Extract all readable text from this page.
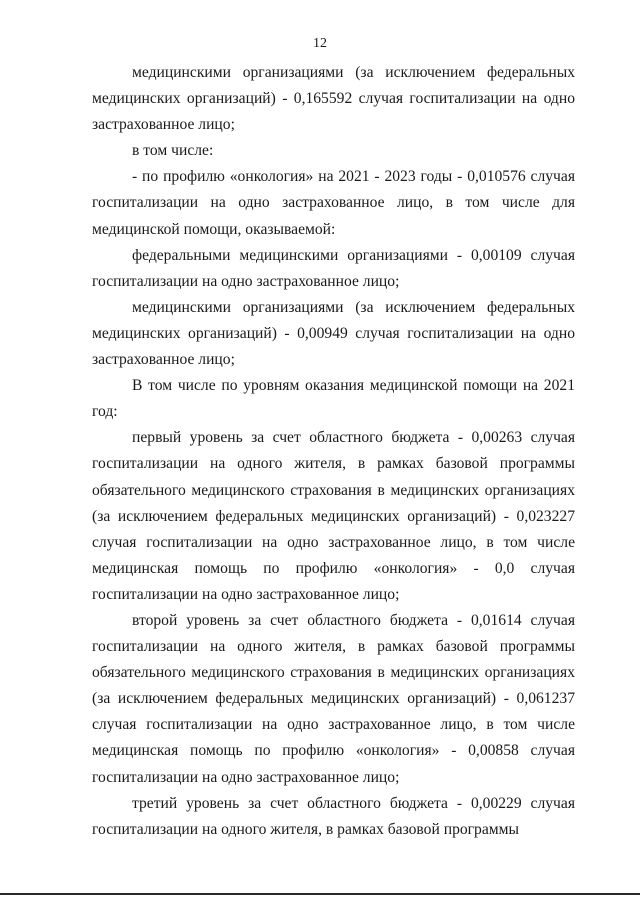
12

медицинскими организациями (за исключением федеральных медицинских организаций) - 0,165592 случая госпитализации на одно застрахованное лицо;

в том числе:

- по профилю «онкология» на 2021 - 2023 годы - 0,010576 случая госпитализации на одно застрахованное лицо, в том числе для медицинской помощи, оказываемой:

федеральными медицинскими организациями - 0,00109 случая госпитализации на одно застрахованное лицо;

медицинскими организациями (за исключением федеральных медицинских организаций) - 0,00949 случая госпитализации на одно застрахованное лицо;

В том числе по уровням оказания медицинской помощи на 2021 год:

первый уровень за счет областного бюджета - 0,00263 случая госпитализации на одного жителя, в рамках базовой программы обязательного медицинского страхования в медицинских организациях (за исключением федеральных медицинских организаций) - 0,023227 случая госпитализации на одно застрахованное лицо, в том числе медицинская помощь по профилю «онкология» - 0,0 случая госпитализации на одно застрахованное лицо;

второй уровень за счет областного бюджета - 0,01614 случая госпитализации на одного жителя, в рамках базовой программы обязательного медицинского страхования в медицинских организациях (за исключением федеральных медицинских организаций) - 0,061237 случая госпитализации на одно застрахованное лицо, в том числе медицинская помощь по профилю «онкология» - 0,00858 случая госпитализации на одно застрахованное лицо;

третий уровень за счет областного бюджета - 0,00229 случая госпитализации на одного жителя, в рамках базовой программы
